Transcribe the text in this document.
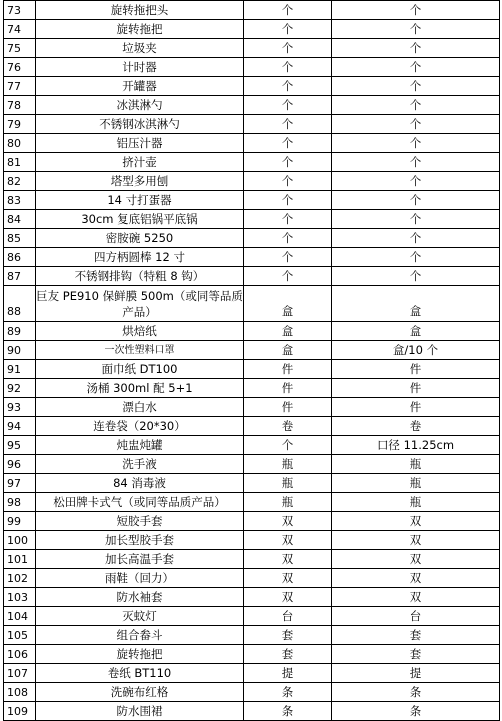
73	旋转拖把头	个	个
74	旋转拖把	个	个
75	垃圾夹	个	个
76	计时器	个	个
77	开罐器	个	个
78	冰淇淋勺	个	个
79	不锈钢冰淇淋勺	个	个
80	铝压汁器	个	个
81	挤汁壶	个	个
82	塔型多用刨	个	个
83	14 寸打蛋器	个	个
84	30cm 复底铝锅平底锅	个	个
85	密胺碗 5250	个	个
86	四方柄圆棒 12 寸	个	个
87	不锈钢排钩（特粗 8 钩）	个	个
88	巨友 PE910 保鲜膜 500m（或同等品质产品）	盒	盒
89	烘焙纸	盒	盒
90	一次性塑料口罩	盒	盒/10 个
91	面巾纸 DT100	件	件
92	汤桶 300ml 配 5+1	件	件
93	漂白水	件	件
94	连卷袋（20*30）	卷	卷
95	炖盅炖罐	个	口径 11.25cm
96	洗手液	瓶	瓶
97	84 消毒液	瓶	瓶
98	松田牌卡式气（或同等品质产品）	瓶	瓶
99	短胶手套	双	双
100	加长型胶手套	双	双
101	加长高温手套	双	双
102	雨鞋（回力）	双	双
103	防水袖套	双	双
104	灭蚊灯	台	台
105	组合畚斗	套	套
106	旋转拖把	套	套
107	卷纸 BT110	提	提
108	洗碗布红格	条	条
109	防水围裙	条	条
